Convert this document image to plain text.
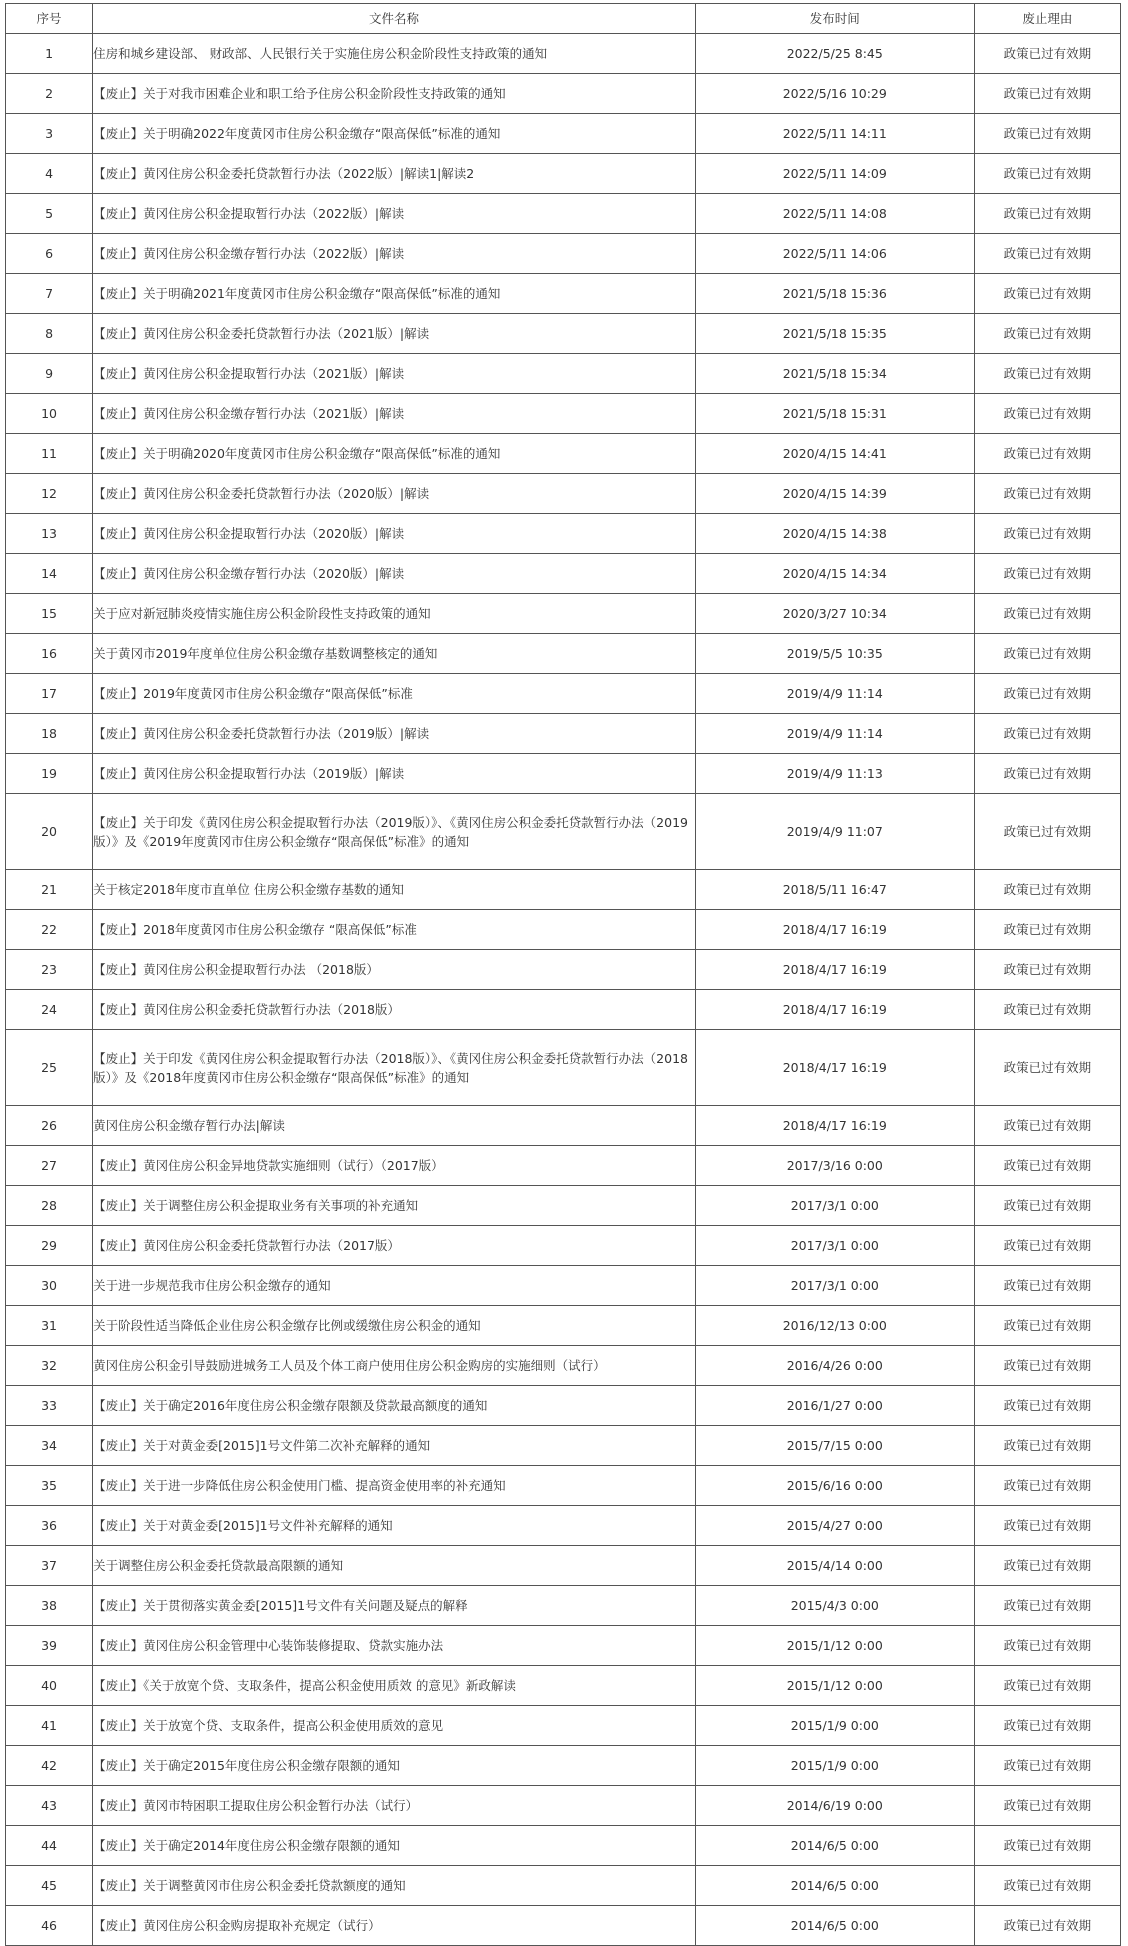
序号	文件名称	发布时间	废止理由
1	住房和城乡建设部、 财政部、人民银行关于实施住房公积金阶段性支持政策的通知	2022/5/25 8:45	政策已过有效期
2	【废止】关于对我市困难企业和职工给予住房公积金阶段性支持政策的通知	2022/5/16 10:29	政策已过有效期
3	【废止】关于明确2022年度黄冈市住房公积金缴存“限高保低”标准的通知	2022/5/11 14:11	政策已过有效期
4	【废止】黄冈住房公积金委托贷款暂行办法（2022版）|解读1|解读2	2022/5/11 14:09	政策已过有效期
5	【废止】黄冈住房公积金提取暂行办法（2022版）|解读	2022/5/11 14:08	政策已过有效期
6	【废止】黄冈住房公积金缴存暂行办法（2022版）|解读	2022/5/11 14:06	政策已过有效期
7	【废止】关于明确2021年度黄冈市住房公积金缴存“限高保低”标准的通知	2021/5/18 15:36	政策已过有效期
8	【废止】黄冈住房公积金委托贷款暂行办法（2021版）|解读	2021/5/18 15:35	政策已过有效期
9	【废止】黄冈住房公积金提取暂行办法（2021版）|解读	2021/5/18 15:34	政策已过有效期
10	【废止】黄冈住房公积金缴存暂行办法（2021版）|解读	2021/5/18 15:31	政策已过有效期
11	【废止】关于明确2020年度黄冈市住房公积金缴存“限高保低”标准的通知	2020/4/15 14:41	政策已过有效期
12	【废止】黄冈住房公积金委托贷款暂行办法（2020版）|解读	2020/4/15 14:39	政策已过有效期
13	【废止】黄冈住房公积金提取暂行办法（2020版）|解读	2020/4/15 14:38	政策已过有效期
14	【废止】黄冈住房公积金缴存暂行办法（2020版）|解读	2020/4/15 14:34	政策已过有效期
15	关于应对新冠肺炎疫情实施住房公积金阶段性支持政策的通知	2020/3/27 10:34	政策已过有效期
16	关于黄冈市2019年度单位住房公积金缴存基数调整核定的通知	2019/5/5 10:35	政策已过有效期
17	【废止】2019年度黄冈市住房公积金缴存“限高保低”标准	2019/4/9 11:14	政策已过有效期
18	【废止】黄冈住房公积金委托贷款暂行办法（2019版）|解读	2019/4/9 11:14	政策已过有效期
19	【废止】黄冈住房公积金提取暂行办法（2019版）|解读	2019/4/9 11:13	政策已过有效期
20	【废止】关于印发《黄冈住房公积金提取暂行办法（2019版）》、《黄冈住房公积金委托贷款暂行办法（2019版）》及《2019年度黄冈市住房公积金缴存“限高保低”标准》的通知	2019/4/9 11:07	政策已过有效期
21	关于核定2018年度市直单位 住房公积金缴存基数的通知	2018/5/11 16:47	政策已过有效期
22	【废止】2018年度黄冈市住房公积金缴存 “限高保低”标准	2018/4/17 16:19	政策已过有效期
23	【废止】黄冈住房公积金提取暂行办法 （2018版）	2018/4/17 16:19	政策已过有效期
24	【废止】黄冈住房公积金委托贷款暂行办法（2018版）	2018/4/17 16:19	政策已过有效期
25	【废止】关于印发《黄冈住房公积金提取暂行办法（2018版）》、《黄冈住房公积金委托贷款暂行办法（2018版）》及《2018年度黄冈市住房公积金缴存“限高保低”标准》的通知	2018/4/17 16:19	政策已过有效期
26	黄冈住房公积金缴存暂行办法|解读	2018/4/17 16:19	政策已过有效期
27	【废止】黄冈住房公积金异地贷款实施细则（试行）（2017版）	2017/3/16 0:00	政策已过有效期
28	【废止】关于调整住房公积金提取业务有关事项的补充通知	2017/3/1 0:00	政策已过有效期
29	【废止】黄冈住房公积金委托贷款暂行办法（2017版）	2017/3/1 0:00	政策已过有效期
30	关于进一步规范我市住房公积金缴存的通知	2017/3/1 0:00	政策已过有效期
31	关于阶段性适当降低企业住房公积金缴存比例或缓缴住房公积金的通知	2016/12/13 0:00	政策已过有效期
32	黄冈住房公积金引导鼓励进城务工人员及个体工商户使用住房公积金购房的实施细则（试行）	2016/4/26 0:00	政策已过有效期
33	【废止】关于确定2016年度住房公积金缴存限额及贷款最高额度的通知	2016/1/27 0:00	政策已过有效期
34	【废止】关于对黄金委[2015]1号文件第二次补充解释的通知	2015/7/15 0:00	政策已过有效期
35	【废止】关于进一步降低住房公积金使用门槛、提高资金使用率的补充通知	2015/6/16 0:00	政策已过有效期
36	【废止】关于对黄金委[2015]1号文件补充解释的通知	2015/4/27 0:00	政策已过有效期
37	关于调整住房公积金委托贷款最高限额的通知	2015/4/14 0:00	政策已过有效期
38	【废止】关于贯彻落实黄金委[2015]1号文件有关问题及疑点的解释	2015/4/3 0:00	政策已过有效期
39	【废止】黄冈住房公积金管理中心装饰装修提取、贷款实施办法	2015/1/12 0:00	政策已过有效期
40	【废止】《关于放宽个贷、支取条件，提高公积金使用质效 的意见》新政解读	2015/1/12 0:00	政策已过有效期
41	【废止】关于放宽个贷、支取条件，提高公积金使用质效的意见	2015/1/9 0:00	政策已过有效期
42	【废止】关于确定2015年度住房公积金缴存限额的通知	2015/1/9 0:00	政策已过有效期
43	【废止】黄冈市特困职工提取住房公积金暂行办法（试行）	2014/6/19 0:00	政策已过有效期
44	【废止】关于确定2014年度住房公积金缴存限额的通知	2014/6/5 0:00	政策已过有效期
45	【废止】关于调整黄冈市住房公积金委托贷款额度的通知	2014/6/5 0:00	政策已过有效期
46	【废止】黄冈住房公积金购房提取补充规定（试行）	2014/6/5 0:00	政策已过有效期
